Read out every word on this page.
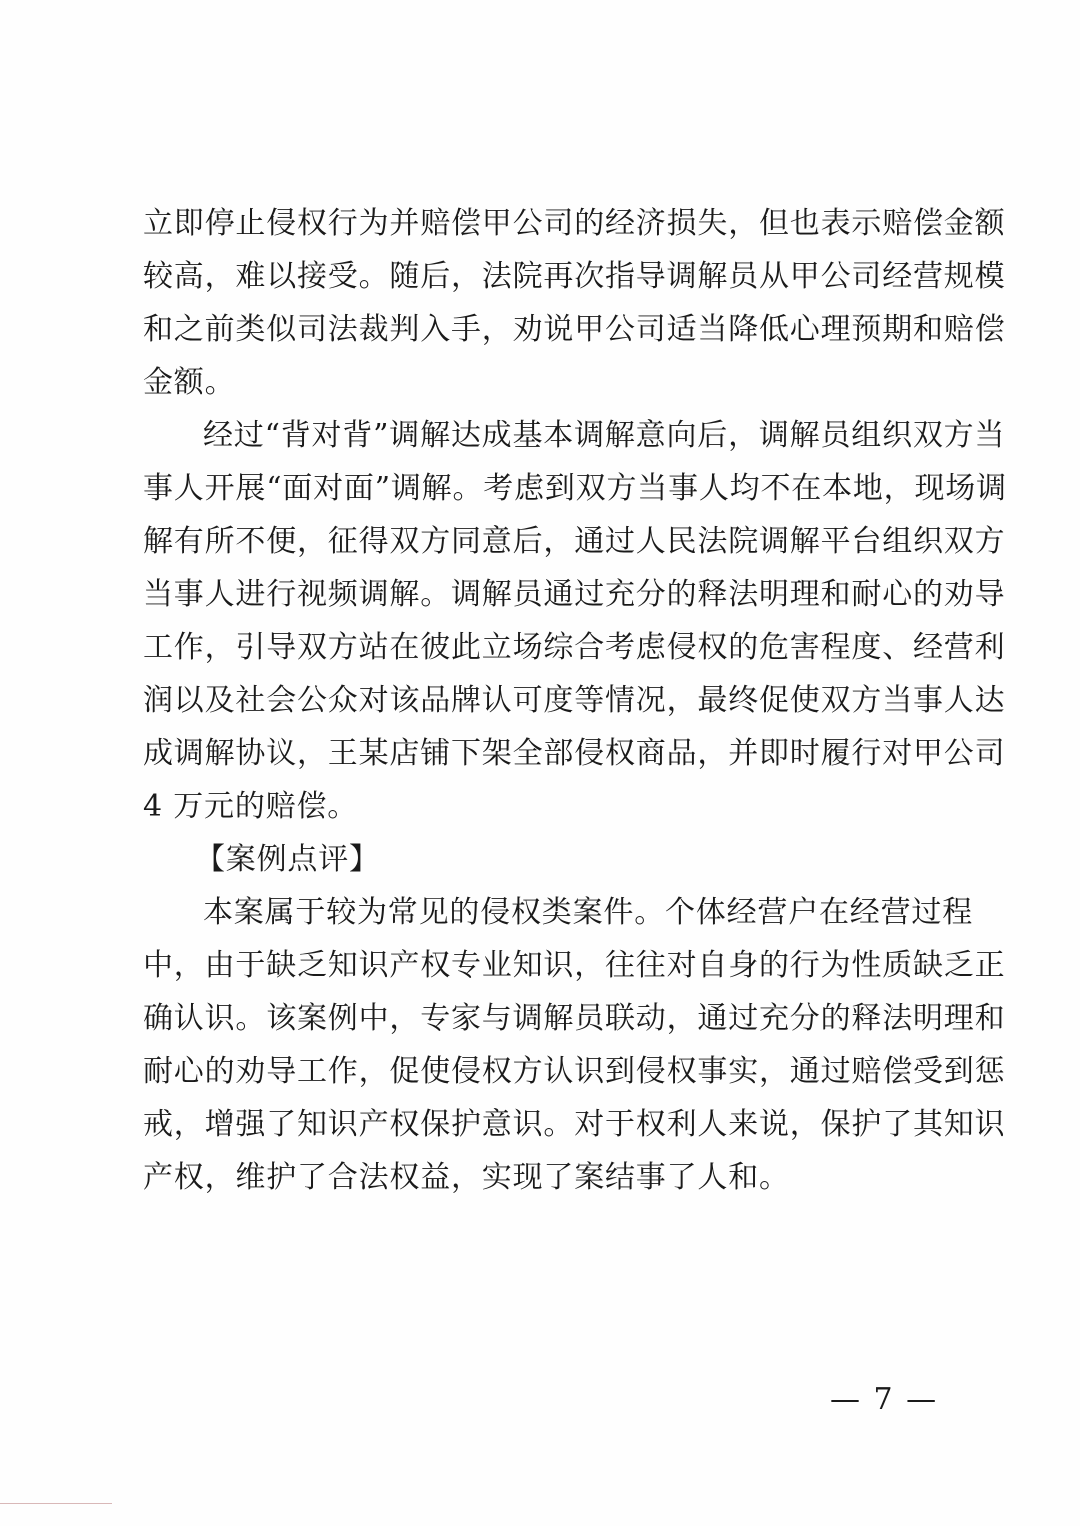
立即停止侵权行为并赔偿甲公司的经济损失，但也表示赔偿金额
较高，难以接受。随后，法院再次指导调解员从甲公司经营规模
和之前类似司法裁判入手，劝说甲公司适当降低心理预期和赔偿
金额。
经过“背对背”调解达成基本调解意向后，调解员组织双方当
事人开展“面对面”调解。考虑到双方当事人均不在本地，现场调
解有所不便，征得双方同意后，通过人民法院调解平台组织双方
当事人进行视频调解。调解员通过充分的释法明理和耐心的劝导
工作，引导双方站在彼此立场综合考虑侵权的危害程度、经营利
润以及社会公众对该品牌认可度等情况，最终促使双方当事人达
成调解协议，王某店铺下架全部侵权商品，并即时履行对甲公司
4 万元的赔偿。
【案例点评】
本案属于较为常见的侵权类案件。个体经营户在经营过程
中，由于缺乏知识产权专业知识，往往对自身的行为性质缺乏正
确认识。该案例中，专家与调解员联动，通过充分的释法明理和
耐心的劝导工作，促使侵权方认识到侵权事实，通过赔偿受到惩
戒，增强了知识产权保护意识。对于权利人来说，保护了其知识
产权，维护了合法权益，实现了案结事了人和。
— 7 —
